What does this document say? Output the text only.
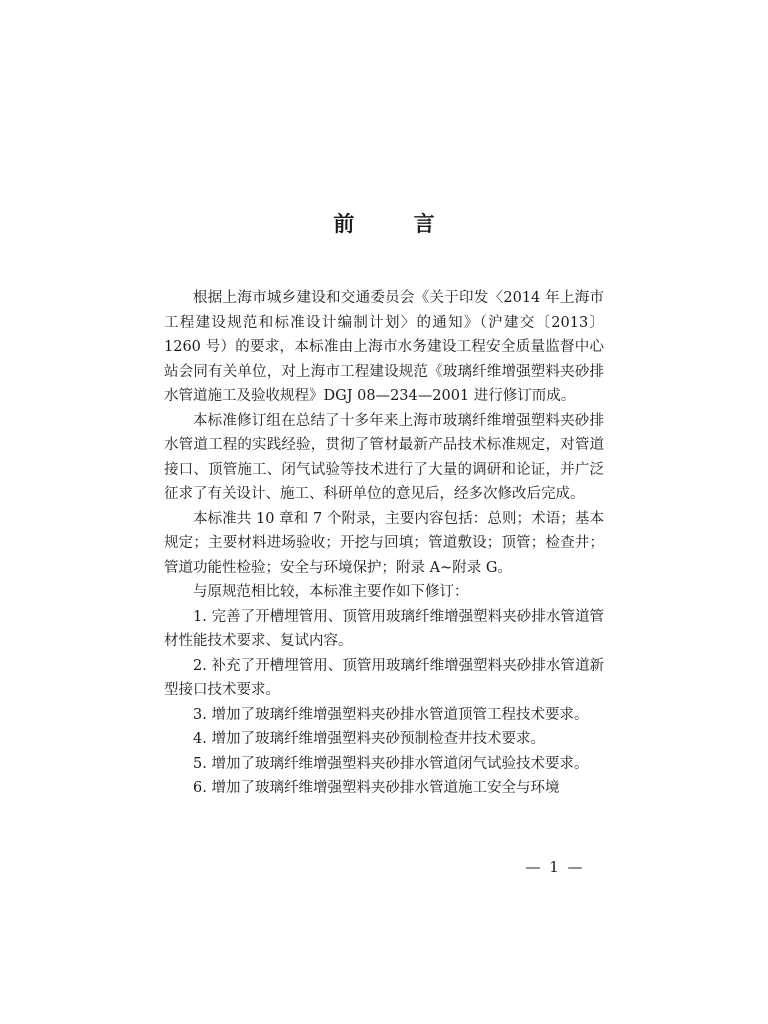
前 言

根据上海市城乡建设和交通委员会《关于印发〈2014 年上海市工程建设规范和标准设计编制计划〉的通知》（沪建交〔2013〕1260 号）的要求，本标准由上海市水务建设工程安全质量监督中心站会同有关单位，对上海市工程建设规范《玻璃纤维增强塑料夹砂排水管道施工及验收规程》DGJ 08—234—2001 进行修订而成。

本标准修订组在总结了十多年来上海市玻璃纤维增强塑料夹砂排水管道工程的实践经验，贯彻了管材最新产品技术标准规定，对管道接口、顶管施工、闭气试验等技术进行了大量的调研和论证，并广泛征求了有关设计、施工、科研单位的意见后，经多次修改后完成。

本标准共 10 章和 7 个附录，主要内容包括：总则；术语；基本规定；主要材料进场验收；开挖与回填；管道敷设；顶管；检查井；管道功能性检验；安全与环境保护；附录 A~附录 G。

与原规范相比较，本标准主要作如下修订：

1. 完善了开槽埋管用、顶管用玻璃纤维增强塑料夹砂排水管道管材性能技术要求、复试内容。

2. 补充了开槽埋管用、顶管用玻璃纤维增强塑料夹砂排水管道新型接口技术要求。

3. 增加了玻璃纤维增强塑料夹砂排水管道顶管工程技术要求。

4. 增加了玻璃纤维增强塑料夹砂预制检查井技术要求。

5. 增加了玻璃纤维增强塑料夹砂排水管道闭气试验技术要求。

6. 增加了玻璃纤维增强塑料夹砂排水管道施工安全与环境

— 1 —
